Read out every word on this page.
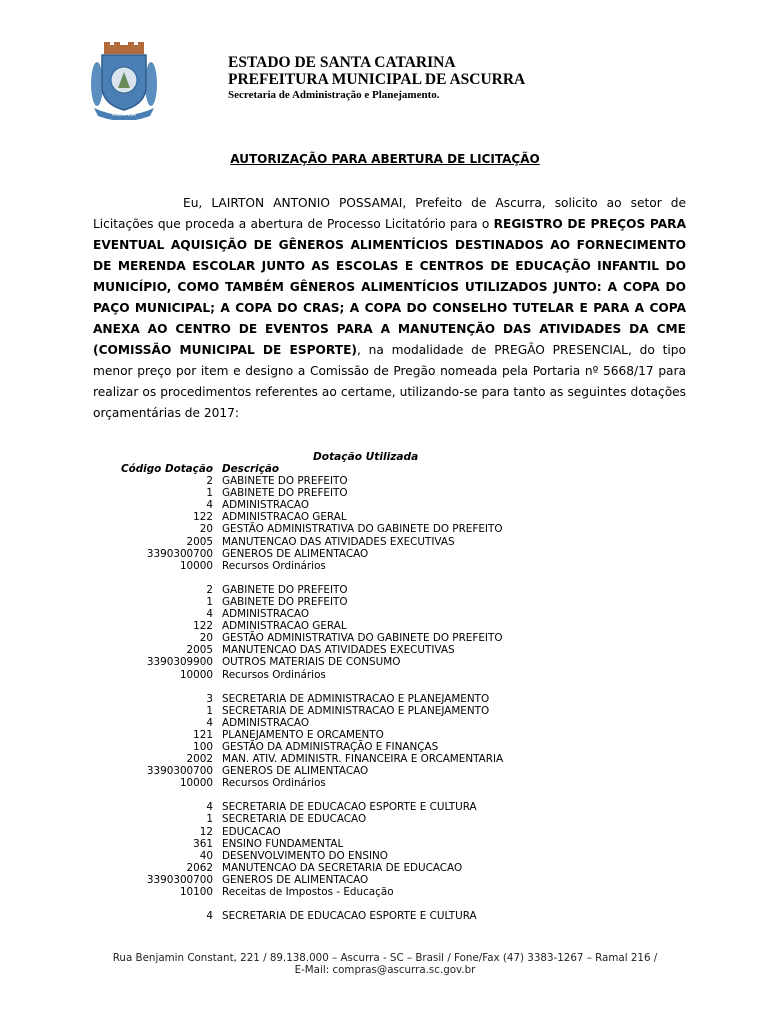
ASCURRA
ESTADO DE SANTA CATARINA
PREFEITURA MUNICIPAL DE ASCURRA
Secretaria de Administração e Planejamento.
AUTORIZAÇÃO PARA ABERTURA DE LICITAÇÃO
Eu, LAIRTON ANTONIO POSSAMAI, Prefeito de Ascurra, solicito ao setor de Licitações que proceda a abertura de Processo Licitatório para o REGISTRO DE PREÇOS PARA EVENTUAL AQUISIÇÃO DE GÊNEROS ALIMENTÍCIOS DESTINADOS AO FORNECIMENTO DE MERENDA ESCOLAR JUNTO AS ESCOLAS E CENTROS DE EDUCAÇÃO INFANTIL DO MUNICÍPIO, COMO TAMBÉM GÊNEROS ALIMENTÍCIOS UTILIZADOS JUNTO: A COPA DO PAÇO MUNICIPAL; A COPA DO CRAS; A COPA DO CONSELHO TUTELAR E PARA A COPA ANEXA AO CENTRO DE EVENTOS PARA A MANUTENÇÃO DAS ATIVIDADES DA CME (COMISSÃO MUNICIPAL DE ESPORTE), na modalidade de PREGÃO PRESENCIAL, do tipo menor preço por item e designo a Comissão de Pregão nomeada pela Portaria nº 5668/17 para realizar os procedimentos referentes ao certame, utilizando-se para tanto as seguintes dotações orçamentárias de 2017:
Dotação Utilizada
Código Dotação Descrição
2 GABINETE DO PREFEITO
1 GABINETE DO PREFEITO
4 ADMINISTRACAO
122 ADMINISTRACAO GERAL
20 GESTÃO ADMINISTRATIVA DO GABINETE DO PREFEITO
2005 MANUTENCAO DAS ATIVIDADES EXECUTIVAS
3390300700 GENEROS DE ALIMENTACAO
10000 Recursos Ordinários
2 GABINETE DO PREFEITO
1 GABINETE DO PREFEITO
4 ADMINISTRACAO
122 ADMINISTRACAO GERAL
20 GESTÃO ADMINISTRATIVA DO GABINETE DO PREFEITO
2005 MANUTENCAO DAS ATIVIDADES EXECUTIVAS
3390309900 OUTROS MATERIAIS DE CONSUMO
10000 Recursos Ordinários
3 SECRETARIA DE ADMINISTRACAO E PLANEJAMENTO
1 SECRETARIA DE ADMINISTRACAO E PLANEJAMENTO
4 ADMINISTRACAO
121 PLANEJAMENTO E ORCAMENTO
100 GESTÃO DA ADMINISTRAÇÃO E FINANÇAS
2002 MAN. ATIV. ADMINISTR. FINANCEIRA E ORCAMENTARIA
3390300700 GENEROS DE ALIMENTACAO
10000 Recursos Ordinários
4 SECRETARIA DE EDUCACAO ESPORTE E CULTURA
1 SECRETARIA DE EDUCACAO
12 EDUCACAO
361 ENSINO FUNDAMENTAL
40 DESENVOLVIMENTO DO ENSINO
2062 MANUTENCAO DA SECRETARIA DE EDUCACAO
3390300700 GENEROS DE ALIMENTACAO
10100 Receitas de Impostos - Educação
4 SECRETARIA DE EDUCACAO ESPORTE E CULTURA
Rua Benjamin Constant, 221 / 89.138.000 – Ascurra - SC – Brasil / Fone/Fax (47) 3383-1267 – Ramal 216 /
E-Mail: compras@ascurra.sc.gov.br
